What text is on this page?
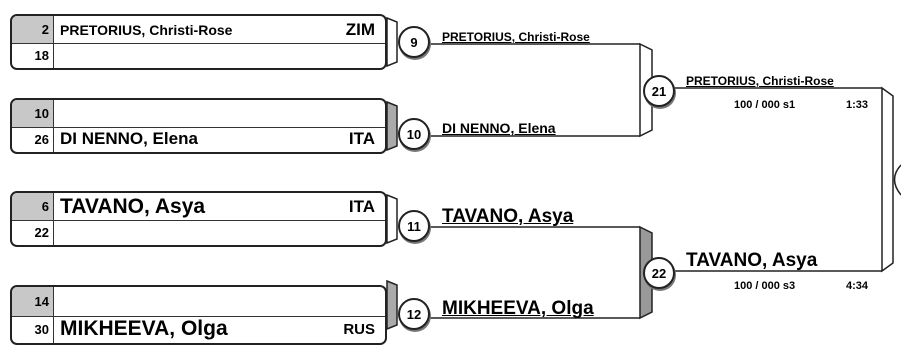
2 PRETORIUS, Christi-Rose	ZIM
18
10
26 DI NENNO, Elena	ITA
6 TAVANO, Asya	ITA
22
14
30 MIKHEEVA, Olga	RUS
9	PRETORIUS, Christi-Rose
10	DI NENNO, Elena
11	TAVANO, Asya
12	MIKHEEVA, Olga
21
PRETORIUS, Christi-Rose
100 / 000 s1	1:33
22
TAVANO, Asya
100 / 000 s3	4:34
